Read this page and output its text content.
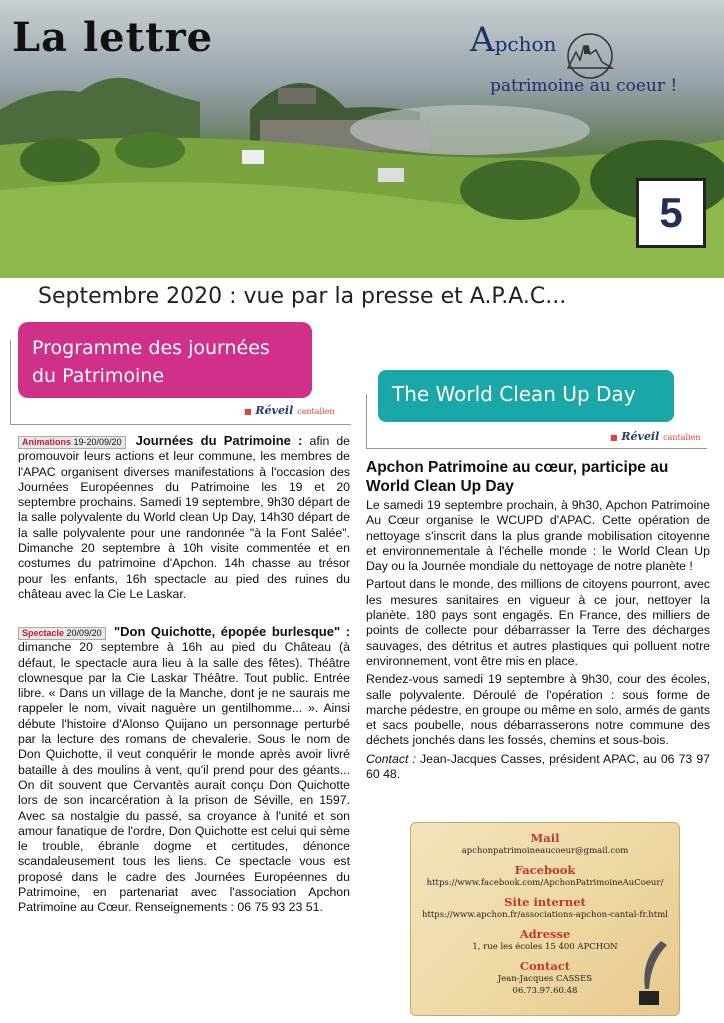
La lettre	Apchon
patrimoine au coeur !
5
Septembre 2020 : vue par la presse et A.P.A.C...
Programme des journées
du Patrimoine
■ Réveil cantalien
Animations 19-20/09/20 Journées du Patrimoine : afin de promouvoir leurs actions et leur commune, les membres de l'APAC organisent diverses manifestations à l'occasion des Journées Européennes du Patrimoine les 19 et 20 septembre prochains. Samedi 19 septembre, 9h30 départ de la salle polyvalente du World clean Up Day, 14h30 départ de la salle polyvalente pour une randonnée "à la Font Salée". Dimanche 20 septembre à 10h visite commentée et en costumes du patrimoine d'Apchon. 14h chasse au trésor pour les enfants, 16h spectacle au pied des ruines du château avec la Cie Le Laskar.
Spectacle 20/09/20 "Don Quichotte, épopée burlesque" : dimanche 20 septembre à 16h au pied du Château (à défaut, le spectacle aura lieu à la salle des fêtes). Théâtre clownesque par la Cie Laskar Théâtre. Tout public. Entrée libre. « Dans un village de la Manche, dont je ne saurais me rappeler le nom, vivait naguère un gentilhomme... ». Ainsi débute l'histoire d'Alonso Quijano un personnage perturbé par la lecture des romans de chevalerie. Sous le nom de Don Quichotte, il veut conquérir le monde après avoir livré bataille à des moulins à vent, qu'il prend pour des géants... On dit souvent que Cervantès aurait conçu Don Quichotte lors de son incarcération à la prison de Séville, en 1597. Avec sa nostalgie du passé, sa croyance à l'unité et son amour fanatique de l'ordre, Don Quichotte est celui qui sème le trouble, ébranle dogme et certitudes, dénonce scandaleusement tous les liens. Ce spectacle vous est proposé dans le cadre des Journées Européennes du Patrimoine, en partenariat avec l'association Apchon Patrimoine au Cœur. Renseignements : 06 75 93 23 51.
The World Clean Up Day
■ Réveil cantalien
Apchon Patrimoine au cœur, participe au World Clean Up Day

Le samedi 19 septembre prochain, à 9h30, Apchon Patrimoine Au Cœur organise le WCUPD d'APAC. Cette opération de nettoyage s'inscrit dans la plus grande mobilisation citoyenne et environnementale à l'échelle monde : le World Clean Up Day ou la Journée mondiale du nettoyage de notre planète !

Partout dans le monde, des millions de citoyens pourront, avec les mesures sanitaires en vigueur à ce jour, nettoyer la planète. 180 pays sont engagés. En France, des milliers de points de collecte pour débarrasser la Terre des décharges sauvages, des détritus et autres plastiques qui polluent notre environnement, vont être mis en place.

Rendez-vous samedi 19 septembre à 9h30, cour des écoles, salle polyvalente. Déroulé de l'opération : sous forme de marche pédestre, en groupe ou même en solo, armés de gants et sacs poubelle, nous débarrasserons notre commune des déchets jonchés dans les fossés, chemins et sous-bois.

Contact : Jean-Jacques Casses, président APAC, au 06 73 97 60 48.

Mail
apchonpatrimoineaucoeur@gmail.com
Facebook
https://www.facebook.com/ApchonPatrimoineAuCoeur/
Site internet
https://www.apchon.fr/associations-apchon-cantal-fr.html
Adresse
1, rue les écoles 15 400 APCHON
Contact
Jean-Jacques CASSES
06.73.97.60.48
